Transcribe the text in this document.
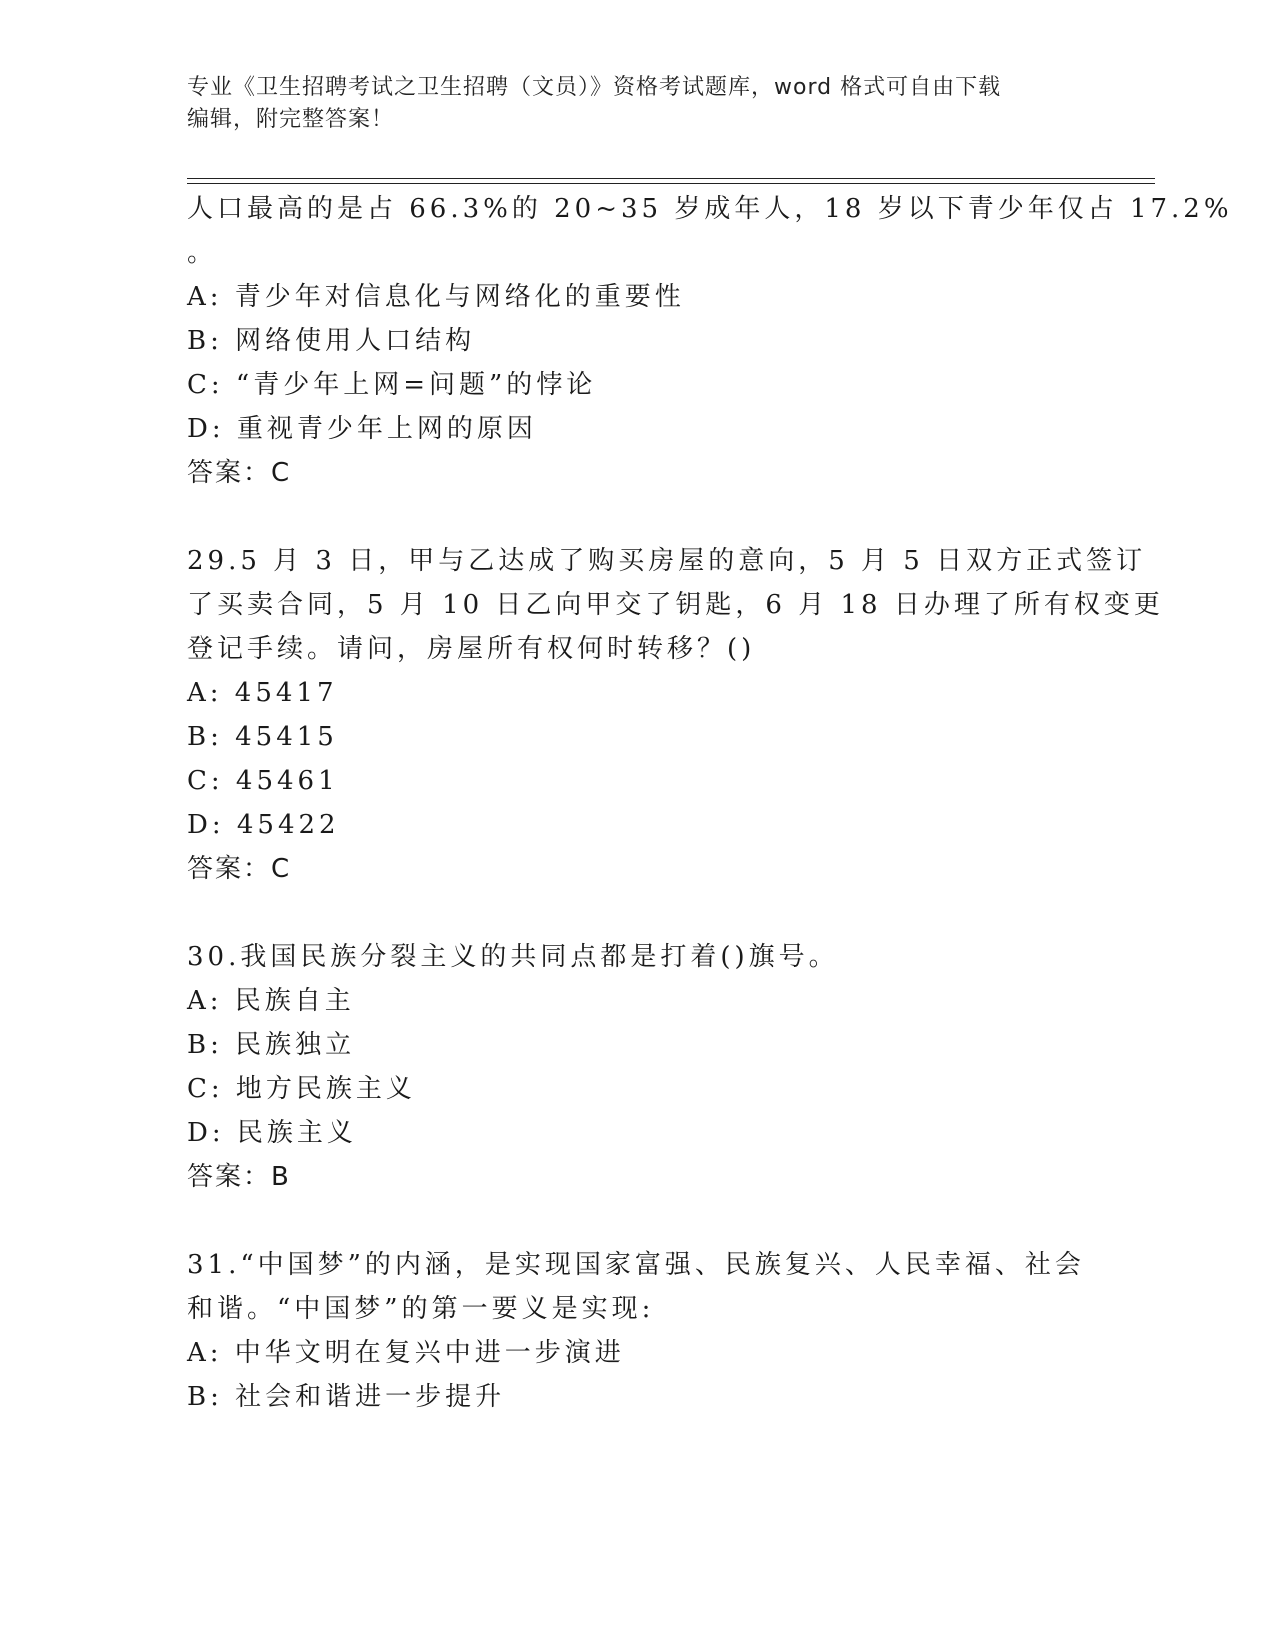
专业《卫生招聘考试之卫生招聘（文员）》资格考试题库，word 格式可自由下载
编辑，附完整答案！
人口最高的是占 66.3%的 20~35 岁成年人，18 岁以下青少年仅占 17.2%
。
A: 青少年对信息化与网络化的重要性
B: 网络使用人口结构
C: “青少年上网=问题”的悖论
D: 重视青少年上网的原因
答案：C
29.5 月 3 日，甲与乙达成了购买房屋的意向，5 月 5 日双方正式签订
了买卖合同，5 月 10 日乙向甲交了钥匙，6 月 18 日办理了所有权变更
登记手续。请问，房屋所有权何时转移？()
A: 45417
B: 45415
C: 45461
D: 45422
答案：C
30.我国民族分裂主义的共同点都是打着()旗号。
A: 民族自主
B: 民族独立
C: 地方民族主义
D: 民族主义
答案：B
31.“中国梦”的内涵，是实现国家富强、民族复兴、人民幸福、社会
和谐。“中国梦”的第一要义是实现:
A: 中华文明在复兴中进一步演进
B: 社会和谐进一步提升
